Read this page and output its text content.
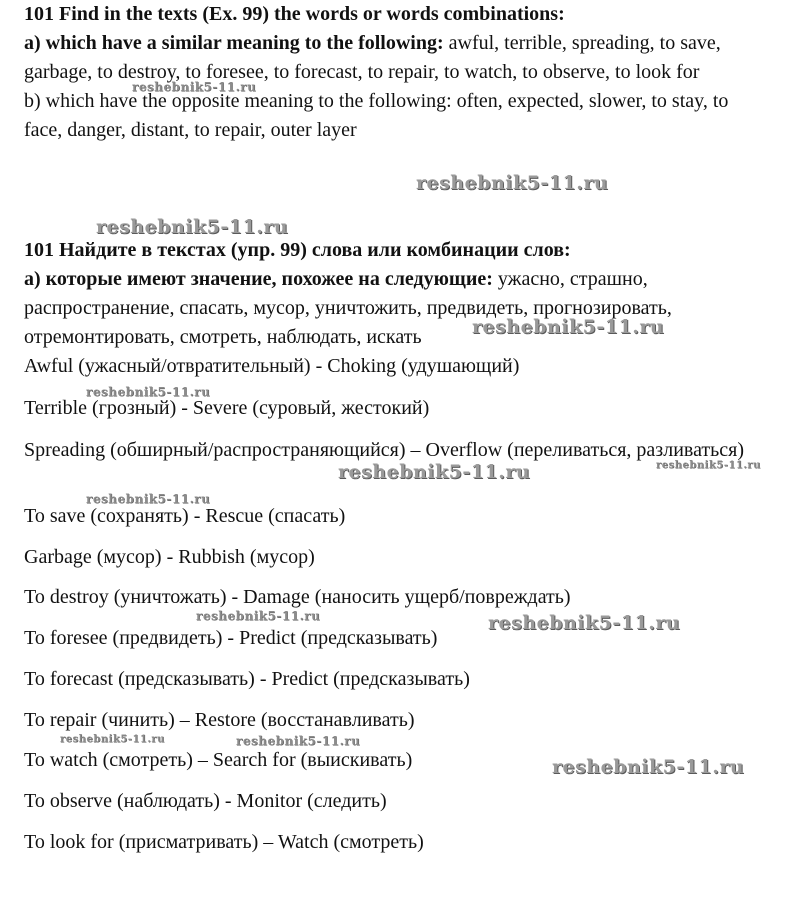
101 Find in the texts (Ex. 99) the words or words combinations:
a) which have a similar meaning to the following: awful, terrible, spreading, to save, garbage, to destroy, to foresee, to forecast, to repair, to watch, to observe, to look for
b) which have the opposite meaning to the following: often, expected, slower, to stay, to face, danger, distant, to repair, outer layer
101 Найдите в текстах (упр. 99) слова или комбинации слов:
а) которые имеют значение, похожее на следующие: ужасно, страшно, распространение, спасать, мусор, уничтожить, предвидеть, прогнозировать, отремонтировать, смотреть, наблюдать, искать
Awful (ужасный/отвратительный) - Choking (удушающий)
Terrible (грозный) - Severe (суровый, жестокий)
Spreading (обширный/распространяющийся) – Overflow (переливаться, разливаться)
To save (сохранять) - Rescue (спасать)
Garbage (мусор) - Rubbish (мусор)
To destroy (уничтожать) - Damage (наносить ущерб/повреждать)
To foresee (предвидеть) - Predict (предсказывать)
To forecast (предсказывать) - Predict (предсказывать)
To repair (чинить) – Restore (восстанавливать)
To watch (смотреть) – Search for (выискивать)
To observe (наблюдать) - Monitor (следить)
To look for (присматривать) – Watch (смотреть)
reshebnik5-11.ru
reshebnik5-11.ru
reshebnik5-11.ru
reshebnik5-11.ru
reshebnik5-11.ru
reshebnik5-11.ru	reshebnik5-11.ru
reshebnik5-11.ru
reshebnik5-11.ru	reshebnik5-11.ru
reshebnik5-11.ru	reshebnik5-11.ru
reshebnik5-11.ru
